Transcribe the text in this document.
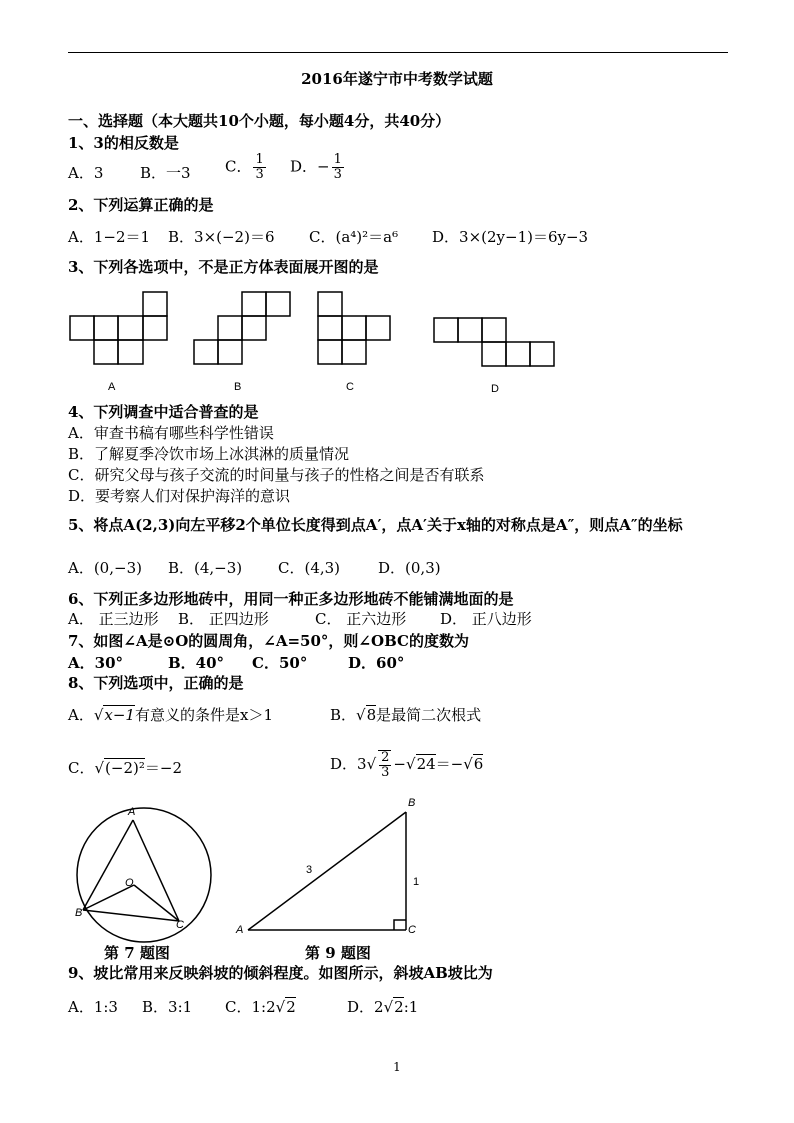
2016年遂宁市中考数学试题
一、选择题（本大题共10个小题，每小题4分，共40分）
1、3的相反数是
A．3 B．一3 C． $\frac{1}{3}$ D．− $\frac{1}{3}$
2、下列运算正确的是
A．1−2＝1 B．3×(−2)＝6 C．(a⁴)²＝a⁶ D．3×(2y−1)＝6y−3
3、下列各选项中，不是正方体表面展开图的是
A	B	C	D
4、下列调查中适合普查的是
A．审查书稿有哪些科学性错误
B．了解夏季冷饮市场上冰淇淋的质量情况
C．研究父母与孩子交流的时间量与孩子的性格之间是否有联系
D．要考察人们对保护海洋的意识
5、将点A(2,3)向左平移2个单位长度得到点A′，点A′关于x轴的对称点是A″，则点A″的坐标
A．(0,−3) B．(4,−3) C．(4,3)	D．(0,3)
6、下列正多边形地砖中，用同一种正多边形地砖不能铺满地面的是
A． 正三边形 B． 正四边形	C． 正六边形 D． 正八边形
7、如图∠A是⊙O的圆周角，∠A=50°，则∠OBC的度数为
A．30°	B．40° C．50°	D．60°
8、下列选项中，正确的是
A．√x−1有意义的条件是x＞1	B．√8是最简二次根式
C．√(−2)²＝−2	D．$3√ \frac{2}{3} -√24=-√6$
A
B
C
O
第 7 题图
A
B
C
3
1
第 9 题图
9、坡比常用来反映斜坡的倾斜程度。如图所示，斜坡AB坡比为
A．1:3 B．3:1 C．1:2√2	D．2√2:1
1
